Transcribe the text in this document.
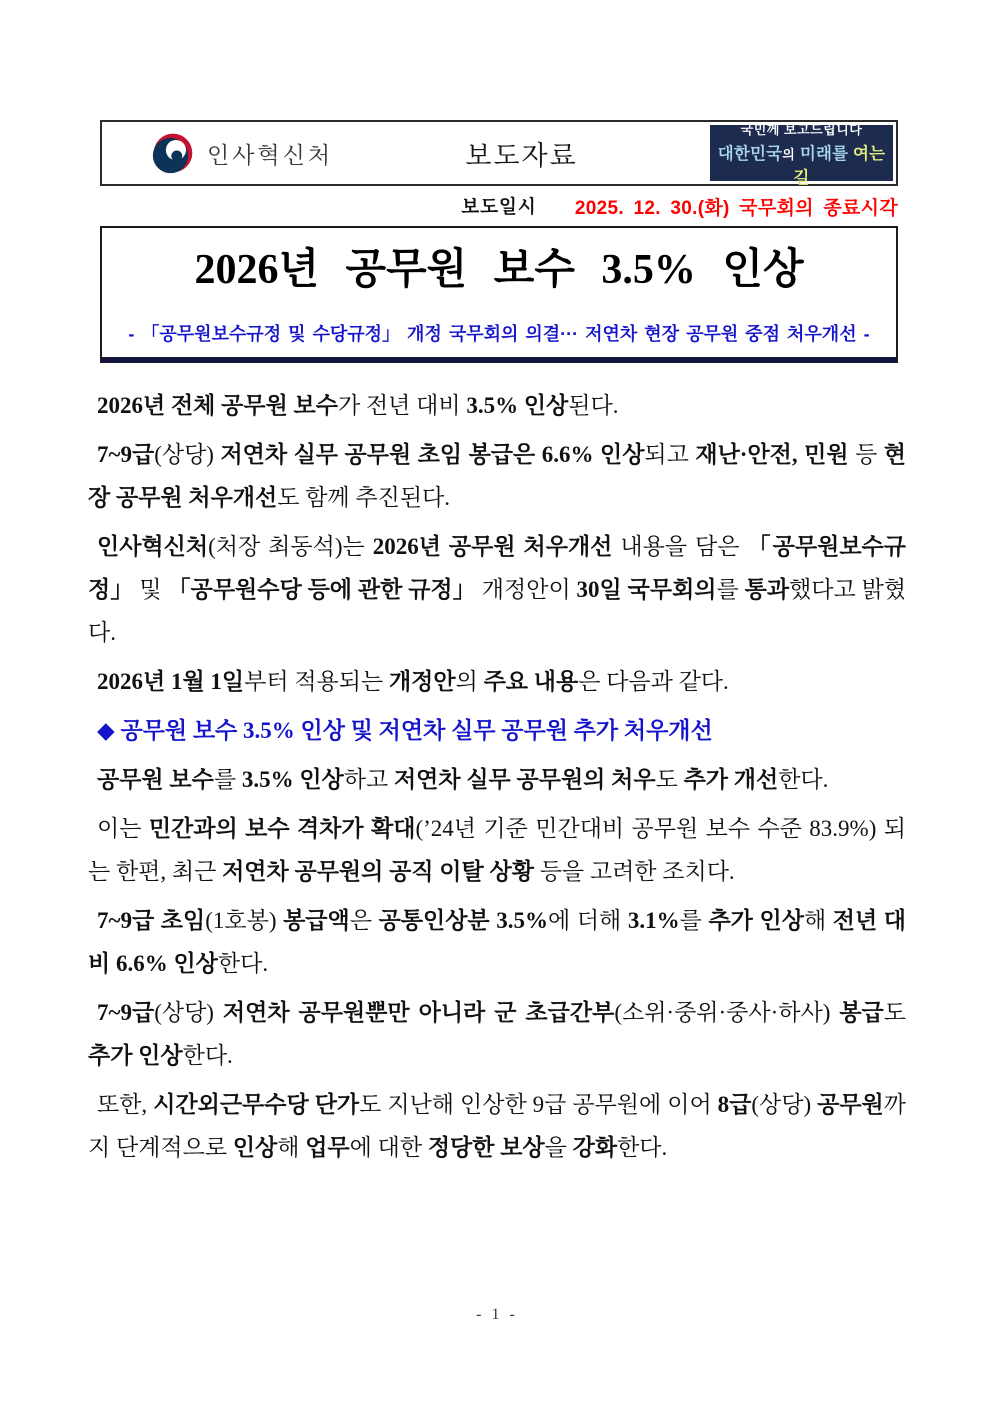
인사혁신처	보도자료
국민께 보고드립니다
대한민국의 미래를 여는 길
보도일시	2025. 12. 30.(화) 국무회의 종료시각
2026년 공무원 보수 3.5% 인상
- 「공무원보수규정 및 수당규정」 개정 국무회의 의결··· 저연차 현장 공무원 중점 처우개선 -

2026년 전체 공무원 보수가 전년 대비 3.5% 인상된다.

7~9급(상당) 저연차 실무 공무원 초임 봉급은 6.6% 인상되고 재난·안전, 민원 등 현장 공무원 처우개선도 함께 추진된다.

인사혁신처(처장 최동석)는 2026년 공무원 처우개선 내용을 담은 「공무원보수규정」 및 「공무원수당 등에 관한 규정」 개정안이 30일 국무회의를 통과했다고 밝혔다.

2026년 1월 1일부터 적용되는 개정안의 주요 내용은 다음과 같다.

◆ 공무원 보수 3.5% 인상 및 저연차 실무 공무원 추가 처우개선

공무원 보수를 3.5% 인상하고 저연차 실무 공무원의 처우도 추가 개선한다.

이는 민간과의 보수 격차가 확대(’24년 기준 민간대비 공무원 보수 수준 83.9%) 되는 한편, 최근 저연차 공무원의 공직 이탈 상황 등을 고려한 조치다.

7~9급 초임(1호봉) 봉급액은 공통인상분 3.5%에 더해 3.1%를 추가 인상해 전년 대비 6.6% 인상한다.

7~9급(상당) 저연차 공무원뿐만 아니라 군 초급간부(소위·중위·중사·하사) 봉급도 추가 인상한다.

또한, 시간외근무수당 단가도 지난해 인상한 9급 공무원에 이어 8급(상당) 공무원까지 단계적으로 인상해 업무에 대한 정당한 보상을 강화한다.

- 1 -
